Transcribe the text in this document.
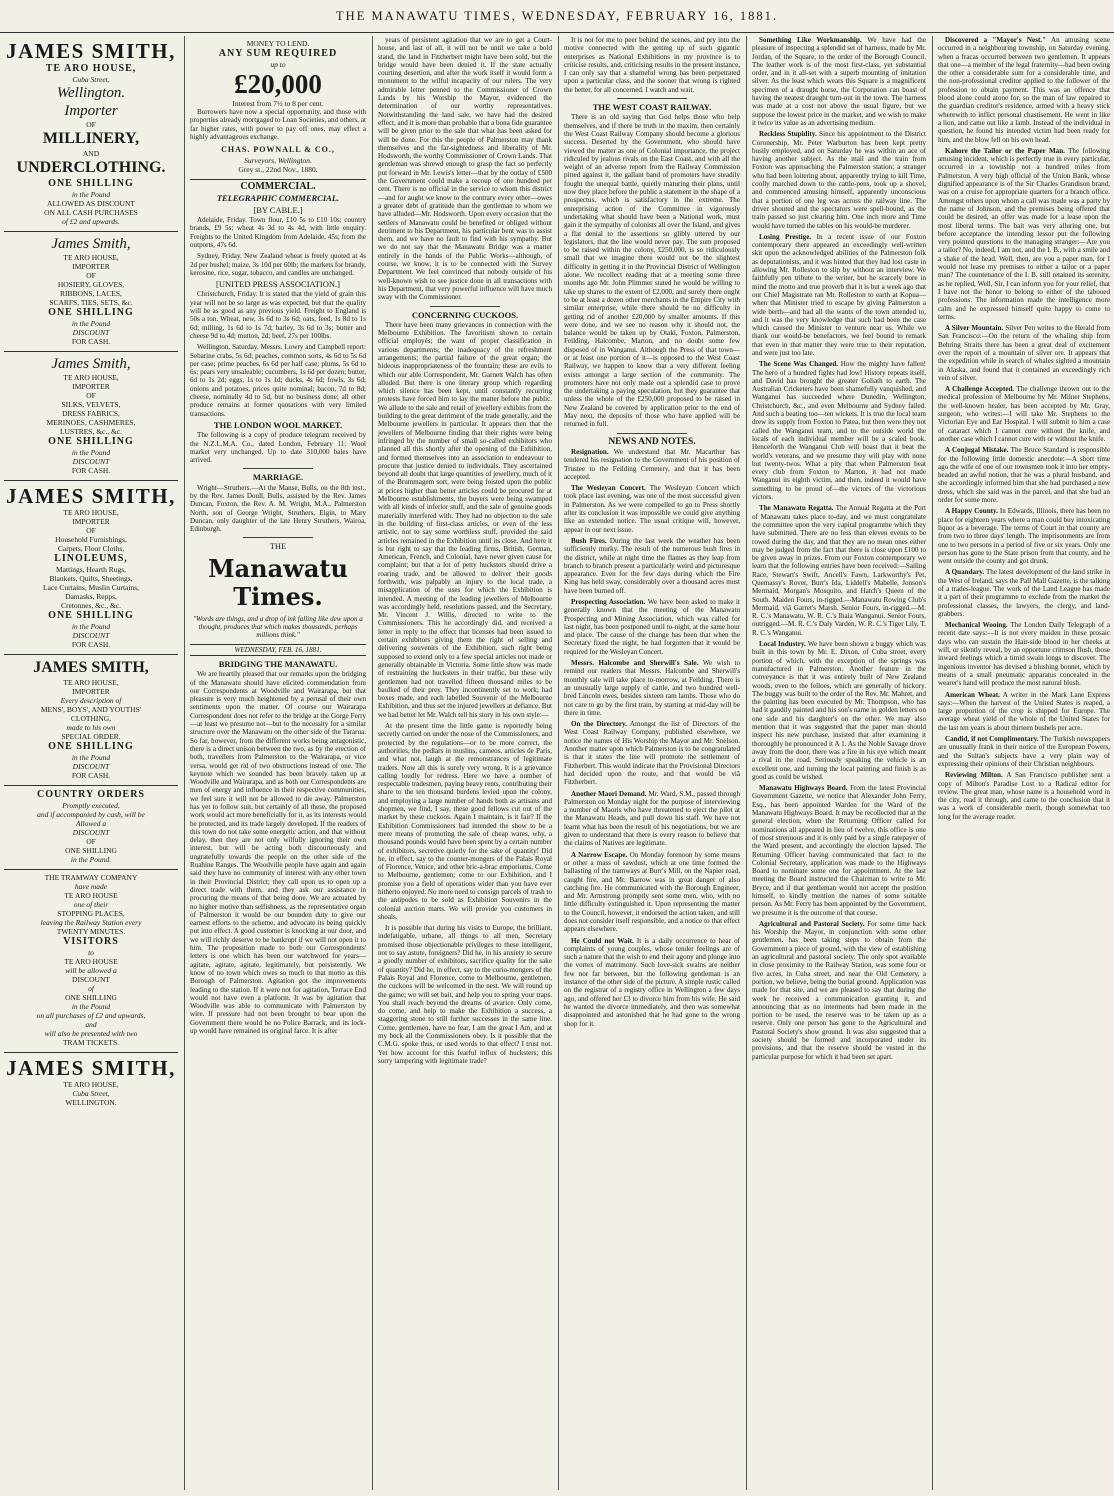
THE MANAWATU TIMES, WEDNESDAY, FEBRUARY 16, 1881.
JAMES SMITH,
TE ARO HOUSE,
Cuba Street,
Wellington.
Importer
OF
MILLINERY,
AND
UNDERCLOTHING.
ONE SHILLING
in the Pound
ALLOWED AS DISCOUNT
ON ALL CASH PURCHASES
of £2 and upwards.
James Smith,
TE ARO HOUSE,
IMPORTER
OF
HOSIERY, GLOVES,
RIBBONS, LACES,
SCARFS, TIES, SETS, &c.
ONE SHILLING
in the Pound
DISCOUNT
FOR CASH.
James Smith,
TE ARO HOUSE,
IMPORTER
OF
SILKS, VELVETS,
DRESS FABRICS,
MERINOES, CASHMERES,
LUSTRES, &c., &c.
ONE SHILLING
in the Pound
DISCOUNT
FOR CASH.
JAMES SMITH,
TE ARO HOUSE,
IMPORTER
OF
Household Furnishings,
Carpets, Floor Cloths,
LINOLEUMS,
Mattings, Hearth Rugs,
Blankets, Quilts, Sheetings,
Lace Curtains, Muslin Curtains,
Damasks, Repps,
Cretonnes, &c., &c.
ONE SHILLING
in the Pound
DISCOUNT
FOR CASH.
JAMES SMITH,
TE ARO HOUSE,
IMPORTER
Every description of
MENS', BOYS', AND YOUTHS'
CLOTHING,
made to his own
SPECIAL ORDER.
ONE SHILLING
in the Pound
DISCOUNT
FOR CASH.
COUNTRY ORDERS
Promptly executed,
and if accompanied by cash, will be
Allowed a
DISCOUNT
OF
ONE SHILLING
in the Pound.
THE TRAMWAY COMPANY
have made
TE ARO HOUSE
one of their
STOPPING PLACES,
leaving the Railway Station every
TWENTY MINUTES.
VISITORS
to
TE ARO HOUSE
will be allowed a
DISCOUNT
of
ONE SHILLING
in the Pound
on all purchases of £2 and upwards,
and
will also be presented with two
TRAM TICKETS.
JAMES SMITH,
TE ARO HOUSE,
Cuba Street,
WELLINGTON.
MONEY TO LEND.
ANY SUM REQUIRED
up to
£20,000
Interest from 7½ to 8 per cent.

Borrowers have now a special opportunity, and those with properties already mortgaged to Loan Societies, and others, at far higher rates, with power to pay off ones, may effect a highly advantageous exchange.

CHAS. POWNALL & CO.,
Surveyors, Wellington.
Grey st., 22nd Nov., 1880.
COMMERCIAL.
TELEGRAPHIC COMMERCIAL.
[BY CABLE.]

Adelaide, Friday. Town flour, £10 5s to £10 10s; country brands, £9 5s; wheat 4s 3d to 4s 4d, with little enquiry. Freights to the United Kingdom from Adelaide, 45s; from the outports, 47s 6d.

Sydney, Friday. New Zealand wheat is freely quoted at 4s 2d per bushel; maize, 3s 10d per 60lb; the markets for brandy, kerosine, rice, sugar, tobacco, and candles are unchanged.

[UNITED PRESS ASSOCIATION.]

Christchurch, Friday. It is stated that the yield of grain this year will not be so large as was expected, but that the quality will be as good as any previous yield. Freight to England is 50s a ton. Wheat, new, 3s 6d to 3s 6d; oats, feed, 1s 8d to 1s 6d; milling, 1s 6d to 1s 7d; barley, 3s 6d to 3s; butter and cheese 9d to 4d; mutton, 2d; beef, 27s per 100lbs.

Wellington, Saturday. Messrs. Lowry and Campbell report: Sebarine crabs, 5s 6d; peaches, common sorts, 4s 6d to 5s 6d per case; prime peaches, 6s 6d per half case; plums, 5s 6d to 6s; pears very unsaleable; cucumbers, 1s 6d per dozen; butter, 6d to 1s 2d; eggs, 1s to 1s 1d; ducks, 4s 6d; fowls, 3s 6d; onions and potatoes, prices quite nominal; bacon, 7d to 8d; cheese, nominally 4d to 5d, but no business done; all other produce remains at former quotations with very limited transactions.

THE LONDON WOOL MARKET.

The following is a copy of produce telegram received by the N.Z.L.M.A. Co., dated London, February 11: Wool market very unchanged. Up to date 310,000 bales have arrived.

MARRIAGE.

Wright—Struthers.—At the Manse, Bulls, on the 8th inst., by the Rev. James Doull, Bulls, assisted by the Rev. James Duncan, Foxton, the Rev. A. M. Wright, M.A., Palmerston North, son of George Wright, Struthers, Elgin, to Mary Duncan, only daughter of the late Henry Struthers, Wairoa, Edinburgh.

THE
Manawatu Times.

"Words are things, and a drop of ink falling like dew upon a thought, produces that which makes thousands, perhaps millions think."

WEDNESDAY, FEB. 16, 1881.
BRIDGING THE MANAWATU.

We are heartily pleased that our remarks upon the bridging of the Manawatu should have elicited commendation from our Correspondents at Woodville and Wairarapa, but that pleasure is very much heightened by a perusal of their own sentiments upon the matter. Of course our Wairarapa Correspondent does not refer to the bridge at the Gorge Ferry—at least we presume not—but to the necessity for a similar structure over the Manawatu on the other side of the Tararua. So far, however, from the different works being antagonistic, there is a direct unison between the two, as by the erection of both, travellers from Palmerston to the Wairarapa, or vice versa, would get rid of two obstructions instead of one. The keynote which we sounded has been bravely taken up at Woodville and Wairarapa, and as both our Correspondents are men of energy and influence in their respective communities, we feel sure it will not be allowed to die away. Palmerston has yet to follow suit, but certainly of all these, the proposed work would act more beneficially for it, as its interests would be protected, and its trade largely developed. If the readers of this town do not take some energetic action, and that without delay, then they are not only wilfully ignoring their own interest, but will be acting both discourteously and ungratefully towards the people on the other side of the Ruahine Ranges. The Woodville people have again and again said they have no community of interest with any other town in their Provincial District; they call upon us to open up a direct trade with them, and they ask our assistance in procuring the means of that being done. We are actuated by no higher motive than selfishness, as the representative organ of Palmerston it would be our bounden duty to give our earnest efforts to the scheme, and advocate its being quickly put into effect. A good customer is knocking at our door, and we will richly deserve to be bankrupt if we will not open it to him. The proposition made to both our Correspondents' letters is one which has been our watchword for years—agitate, agitate, agitate, legitimately, but persistently. We know of no town which owes so much to that motto as this Borough of Palmerston. Agitation got the improvements leading to the station. If it were not for agitation, Terrace End would not have even a platform. It was by agitation that Woodville was able to communicate with Palmerston by wire. If pressure had not been brought to bear upon the Government there would be no Police Barrack, and its lock-up would have remained its original farce. It is after

years of persistent agitation that we are to get a Court-house, and last of all, it will not be until we take a bold stand, the land in Fitzherbert might have been sold, but the bridge would have been denied it. If the state actually courting desertion, and after the work itself it would form a monument to the wilful incapacity of our rulers. The very admirable letter penned to the Commissioner of Crown Lands by his Worship the Mayor, evidenced the determination of our worthy representatives. Notwithstanding the land sale, we have had the desired effect, and it is more than probable that a bona fide guarantee will be given prior to the sale that what has been asked for will be done. For this the people of Palmerston may thank themselves and the far-sightedness and liberality of Mr. Hodsworth, the worthy Commissioner of Crown Lands. That gentleman was shrewd enough to grasp the fact so perfectly put forward in Mr. Lewis's letter—that by the outlay of £500 the Government could make a recoup of one hundred per cent. There is no official in the service to whom this district—and for aught we know to the contrary every other—owes a greater debt of gratitude than the gentleman to whom we have alluded—Mr. Hodsworth. Upon every occasion that the settlers of Manawatu could be benefited or obliged without detriment to his Department, his particular bent was to assist them, and we have no fault to find with his sympathy. But we do not say that the Manawatu Bridge was a matter entirely in the hands of the Public Works—although, of course, we know, it is to be connected with the Survey Department. We feel convinced that nobody outside of his well-known wish to see justice done in all transactions with his Department, that very powerful influence will have much sway with the Commissioner.

CONCERNING CUCKOOS.

There have been many grievances in connection with the Melbourne Exhibition. The favoritism shown to certain official employés; the want of proper classification in various departments; the inadequacy of the refreshment arrangements; the partial failure of the great organ; the hideous inappropriateness of the fountain; these are evils to which our able Correspondent, Mr. Garnett Walch has often alluded. But there is one literary group which regarding which silence has been kept, until constantly recurring protests have forced him to lay the matter before the public. We allude to the sale and retail of jewellery exhibits from the building to the great detriment of the trade generally, and the Melbourne jewellers in particular. It appears then that the jewellers of Melbourne finding that their rights were being infringed by the number of small so-called exhibitors who planned all this shortly after the opening of the Exhibition, and formed themselves into an association to endeavour to procure that justice denied to individuals. They ascertained beyond all doubt that large quantities of jewellery, much of it of the Brummagem sort, were being foisted upon the public at prices higher than better articles could be procured for at Melbourne establishments, the buyers were being swamped with all kinds of inferior stuff, and the sale of genuine goods materially interfered with. They had no objection to the sale in the building of first-class articles, or even of the less artistic, not to say some worthless stuff, provided the said articles remained in the Exhibition until its close. And here it is but right to say that the leading firms, British, German, American, French, and Colonial, have never given cause for complaint; but that a lot of petty hucksters should drive a roaring trade, and be allowed to deliver their goods forthwith, was palpably an injury to the local trade, a misapplication of the uses for which the Exhibition is intended. A meeting of the leading jewellers of Melbourne was accordingly held, resolutions passed, and the Secretary, Mr. Vincent J. Willis, directed to write to the Commissioners. This he accordingly did, and received a letter in reply to the effect that licenses had been issued to certain exhibitors giving them the right of selling and delivering souvenirs of the Exhibition, such right being supposed to extend only to a few special articles not made or generally obtainable in Victoria. Some little show was made of restraining the hucksters in their traffic, but these wily gentlemen had not travelled fifteen thousand miles to be baulked of their prey. They incontinently set to work; had boxes made, and each labelled Souvenir of the Melbourne Exhibition, and thus set the injured jewellers at defiance. But we had better let Mr. Walch tell his story in his own style:—

At the present time the little game is reportedly being secretly carried on under the nose of the Commissioners, and protected by the regulations—or to be more correct, the authorities, the pedlars in muslins, cameos, articles de Paris, and what not, laugh at the remonstrances of legitimate traders. Now all this is surely very wrong. It is a grievance calling loudly for redress. Here we have a number of respectable tradesmen, paying heavy rents, contributing their share to the ten thousand burdens levied upon the colony, and employing a large number of hands both as artisans and shopmen, we find, I say, these good fellows cut out of the market by these cuckoos. Again I maintain, is it fair? If the Exhibition Commissioners had intended the show to be a mere means of promoting the sale of cheap wares, why, a thousand pounds would have been spent by a certain number of exhibitors, secretive quietly for the sake of quantity! Did he, in effect, say to the counter-mongers of the Palais Royal of Florence, Venice, and other bric-a-brac emporiums, Come to Melbourne, gentlemen; come to our Exhibition, and I promise you a field of operations wider than you have ever hitherto enjoyed. No more need to consign parcels of trash to the antipodes to be sold as Exhibition Souvenirs in the colonial auction marts. We will provide you customers in shoals.

It is possible that during his visits to Europe, the brilliant, indefatigable, urbane, all things to all men, Secretary promised those objectionable privileges to these intelligent, not to say astute, foreigners? Did he, in his anxiety to secure a goodly number of exhibitors, sacrifice quality for the sake of quantity? Did he, in effect, say to the curio-mongers of the Palais Royal and Florence, come to Melbourne, gentlemen, the cuckoos will be welcomed in the nest. We will round up the game; we will set bait, and help you to spring your traps. You shall reach beyond the dreams of avarice. Only come, do come, and help to make the Exhibition a success, a staggering stone to still further successes in the same line. Come, gentlemen, have no fear, I am the great I Am, and at my beck all the Commissioners obey. Is it possible that the C.M.G. spoke thus, or used words to that effect? I trust not. Yet how account for this fearful influx of hucksters; this sorry tampering with legitimate trade?

It is not for me to peer behind the scenes, and pry into the motive connected with the getting up of such gigantic enterprises as National Exhibitions in my province is to criticise results, and, criticising results in the present instance, I can only say that a shameful wrong has been perpetrated upon a particular class, and the sooner that wrong is righted the better, for all concerned. I watch and wait.

THE WEST COAST RAILWAY.

There is an old saying that God helps those who help themselves, and if there be truth in the maxim, then certainly the West Coast Railway Company should become a glorious success. Deserted by the Government, who should have viewed the matter as one of Colonial importance, the project ridiculed by jealous rivals on the East Coast, and with all the weight of an adverse report from the Railway Commission pitted against it, the gallant band of promoters have steadily fought the unequal battle, quietly maturing their plans, until now they place before the public a statement in the shape of a prospectus, which is satisfactory in the extreme. The enterprising action of the Committee in vigorously undertaking what should have been a National work, must gain it the sympathy of colonists all over the Island, and gives a flat denial to the assertions so glibly uttered by our legislators, that the line would never pay. The sum proposed to be raised within the colony, £250,000, is so ridiculously small that we imagine there would not be the slightest difficulty in getting it in the Provincial District of Wellington alone. We recollect reading that at a meeting some three months ago Mr. John Plimmer stated he would be willing to take up shares to the extent of £2,000, and surely there ought to be at least a dozen other merchants in the Empire City with similar enterprise, while there should be no difficulty in getting rid of another £20,000 by smaller amounts. If this were done, and we see no reason why it should not, the balance would be taken up by Otaki, Foxton, Palmerston, Feilding, Halcombe, Marton, and no doubt some few disposed of in Wanganui. Although the Press of that town—or at least one portion of it—is opposed to the West Coast Railway, we happen to know that a very different feeling exists amongst a large section of the community. The promoters have not only made out a splendid case to prove the undertaking a paying speculation, but they guarantee that unless the whole of the £250,000 proposed to be raised in New Zealand be covered by application prior to the end of May next, the deposits of those who have applied will be returned in full.

NEWS AND NOTES.

Resignation. We understand that Mr. Macarthur has tendered his resignation to the Government of his position of Trustee to the Feilding Cemetery, and that it has been accepted.

The Wesleyan Concert. The Wesleyan Concert which took place last evening, was one of the most successful given in Palmerston. As we were compelled to go to Press shortly after its conclusion it was impossible we could give anything like an extended notice. The usual critique will, however, appear in our next issue.

Bush Fires. During the last week the weather has been sufficiently murky. The result of the numerous bush fires in the district, while at night time the flames as they leap from branch to branch present a particularly weird and picturesque appearance. Even for the few days during which the Fire King has held sway, considerably over a thousand acres must have been burned off.

Prospecting Association. We have been asked to make it generally known that the meeting of the Manawatu Prospecting and Mining Association, which was called for last night, has been postponed until to-night, at the same hour and place. The cause of the change has been that when the Secretary fixed the night, he had forgotten that it would be required for the Wesleyan Concert.

Messrs. Halcombe and Sherwill's Sale. We wish to remind our readers that Messrs. Halcombe and Sherwill's monthly sale will take place to-morrow, at Feilding. There is an unusually large supply of cattle, and two hundred well-bred Lincoln ewes, besides sixteen ram lambs. Those who do not care to go by the first train, by starting at mid-day will be there in time.

On the Directory. Amongst the list of Directors of the West Coast Railway Company, published elsewhere, we notice the names of His Worship the Mayor and Mr. Snelson. Another matter upon which Palmerston is to be congratulated is that it states the line will promote the settlement of Fitzherbert. This would indicate that the Provisional Directors had decided upon the route, and that would be viâ Fitzherbert.

Another Maori Demand. Mr. Ward, S.M., passed through Palmerston on Monday night for the purpose of interviewing a number of Maoris who have threatened to eject the pilot at the Manawatu Heads, and pull down his staff. We have not learnt what has been the result of his negotiations, but we are given to understand that there is every reason to believe that the claims of Natives are legitimate.

A Narrow Escape. On Monday forenoon by some means or other a mass of sawdust, which at one time formed the ballasting of the tramways at Burr's Mill, on the Napier road, caught fire, and Mr. Barrow was in great danger of also catching fire. He communicated with the Borough Engineer, and Mr. Armstrong promptly sent some men, who, with no little difficulty extinguished it. Upon representing the matter to the Council, however, it endorsed the action taken, and still does not consider itself responsible, and a notice to that effect appears elsewhere.

He Could not Wait. It is a daily occurrence to hear of complaints of young couples, whose tender feelings are of such a nature that the wish to end their agony and plunge into the vortex of matrimony. Such love-sick swains are neither few nor far between, but the following gentleman is an instance of the other side of the picture. A simple rustic called on the registrar of a registry office in Wellington a few days ago, and offered her £3 to divorce him from his wife. He said he wanted the divorce immediately, and then was somewhat disappointed and astonished that he had gone to the wrong shop for it.

Something Like Workmanship. We have had the pleasure of inspecting a splendid set of harness, made by Mr. Jordan, of the Square, to the order of the Borough Council. The leather work is of the most first-class, yet substantial order, and in it all-set with a superb mounting of imitation silver. As the least which wears this Square is a magnificent specimen of a draught horse, the Corporation can boast of having the neatest draught turn-out in the town. The harness was made at a cost not above the usual figure, but we suppose the lowest price in the market, and we wish to make it twice its value as an advertising medium.

Reckless Stupidity. Since his appointment to the District Coronership, Mr. Peter Warburton has been kept pretty busily employed, and on Saturday he was within an ace of having another subject. As the mail and the train from Foxton was approaching the Palmerston station; a stranger who had been loitering about, apparently trying to kill Time, coolly marched down to the cattle-pens, took up a shovel, and commenced amusing himself, apparently unconscious that a portion of one leg was across the railway line. The driver shouted and the spectators were spell-bound, as the train passed so just clearing him. One inch more and Time would have turned the tables on his would-be murderer.

Losing Prestige. In a recent issue of our Foxton contemporary there appeared an exceedingly well-written skit upon the acknowledged abilities of the Palmerston folk as deputationists, and it was hinted that they had lost caste in allowing Mr. Rolleston to slip by without an interview. We faithfully pen tribute to the writer, but he scarcely bore in mind the motto and true proverb that it is but a week ago that our Chief Magistrate ran Mr. Rolleston to earth at Kopua—when that Minister tried to escape by giving Palmerston a wide berth—and had all the wants of the town attended to, and it was the very knowledge that such had been the case which caused the Minister to venture near us. While we thank our would-be benefactors, we feel bound to remark that even in that matter they were true to their reputation, and were just too late.

The Scene Was Changed. How the mighty have fallen! The hero of a hundred fights had low! History repeats itself, and David has brought the greater Goliath to earth. The Australian Cricketers have been shamefully vanquished, and Wanganui has succeeded where Dunedin, Wellington, Christchurch, &c., and even Melbourne and Sydney failed. And such a beating too—ten wickets. It is true the local team drew its supply from Foxton to Patea, but then were they not called the Wanganui team, and to the outside world the locals of each individual member will be a scaled book. Henceforth the Wanganui Club will boast that it beat the world's veterans, and we presume they will play with none but twenty-twos. What a pity that when Palmerston beat every club from Foxton to Marton, it had not made Wanganui its eighth victim, and then, indeed it would have something to be proud of—the victors of the victorious victors.

The Manawatu Regatta. The Annual Regatta at the Port of Manawatu takes place to-day, and we must congratulate the committee upon the very capital programme which they have submitted. There are no less than eleven events to be rowed during the day, and that they are no mean ones either may be judged from the fact that there is close upon £100 to be given away in prizes. From our Foxton contemporary we learn that the following entries have been received:—Sailing Race, Stewart's Swift, Ancell's Fawn, Larkworthy's Pet, Quemassy's Rover, Burr's Ida, Liddell's Mabelle, Jonson's Mermaid, Morgan's Mosquito, and Hatch's Queen of the South. Maiden Fours, in-rigged.—Manawatu Rowing Club's Mermaid, viâ Garret's Marsh. Senior Fours, in-rigged.—M. R. C.'s Manawatu, W. R. C.'s Ihaia Wanganui. Senior Fours, outrigged.—M. R. C.'s Daly Varden, W. R. C.'s Tiger Lily, T. R. C.'s Wanganui.

Local Industry. We have been shown a buggy which was built in this town by Mr. E. Dixon, of Cuba street, every portion of which, with the exception of the springs was manufactured in Palmerston. Another feature in the conveyance is that it was entirely built of New Zealand woods, even to the felloes, which are generally of hickory. The buggy was built to the order of the Rev. Mr. Mahret, and the painting has been executed by Mr. Thompson, who has had it gaudily painted and his son's name in golden letters on one side and his daughter's on the other. We may also mention that it was suggested that the paper man should inspect his new purchase, insisted that after examining it thoroughly he pronounced it A 1. As the Noble Savage drove away from the door, there was a fire in his eye which meant a rival in the road. Seriously speaking the vehicle is an excellent one, and turning the local painting and finish is as good as could be wished.

Manawatu Highways Board. From the latest Provincial Government Gazette, we notice that Alexander John Ferry, Esq., has been appointed Warden for the Ward of the Manawatu Highways Board. It may be recollected that at the general election, when the Returning Officer called for nominations all appeared in lieu of twelve, this office is one of most strenuous and it is only paid by a single ratepayer of the Ward present, and accordingly the election lapsed. The Returning Officer having communicated that fact to the Colonial Secretary, application was made to the Highways Board to nominate some one for appointment. At the last meeting the Board instructed the Chairman to write to Mr. Bryce, and if that gentleman would not accept the position himself, to kindly mention the names of some suitable person. As Mr. Ferry has been appointed by the Government, we presume it is the outcome of that course.

Agricultural and Pastoral Society. For some time back his Worship the Mayor, in conjunction with some other gentlemen, has been taking steps to obtain from the Government a piece of ground, with the view of establishing an agricultural and pastoral society. The only spot available in close proximity to the Railway Station, was some four or five acres, in Cuba street, and near the Old Cemetery, a portion, we believe, being the burial ground. Application was made for that site, and we are pleased to say that during the week he received a communication granting it, and announcing that as no interments had been made in the portion to be used, the reserve was to be taken up as a reserve. Only one person has gone to the Agricultural and Pastoral Society's show ground. It was also suggested that a society should be formed and incorporated under its provisions, and that the reserve should be vested in the particular purpose for which it had been set apart.

Discovered a "Mayor's Nest." An amusing scene occurred in a neighbouring township, on Saturday evening, when a fracas occurred between two gentlemen. It appears that one—a member of the legal fraternity—had been owing the other a considerable sum for a considerable time, and the non-professional creditor applied to the follower of the profession to obtain payment. This was an offence that blood alone could atone for, so the man of law repaired to the guardian creditor's residence, armed with a heavy stick wherewith to inflict personal chastisement. He went in like a lion, and came out like a lamb. Instead of the individual in question, he found his intended victim had been ready for him, and the blow fell on his own head.

Kahore the Tailor or the Paper Man. The following amusing incident, which is perfectly true in every particular, occurred in a township not a hundred miles from Palmerston. A very high official of the Union Bank, whose dignified appearance is of the Sir Charles Grandison brand, was on a cruise for appropriate quarters for a branch office. Amongst others upon whom a call was made was a party by the name of Johnson, and the premises being offered that could be desired, an offer was made for a lease upon the most liberal terms. The bait was very alluring one, but before acceptance the intending lessor put the following very pointed questions to the managing stranger:—Are you a tailor? No, indeed, I am not, and the I. B., with a smile and a shake of the head. Well, then, are you a paper man, for I would not lease my premises to either a tailor or a paper man? The countenance of the I. B. still retained its serenity, as he replied, Well, Sir, I can inform you for your relief, that I have not the honor to belong to either of the tabooed professions. The information made the intelligence more calm and he expressed himself quite happy to come to terms.

A Silver Mountain. Silver Pen writes to the Herald from San Francisco:—On the return of the whaling ship from Behring Straits there has been a great deal of excitement over the report of a mountain of silver ore. It appears that the expedition while in search of whales sighted a mountain in Alaska, and found that it contained an exceedingly rich vein of silver.

A Challenge Accepted. The challenge thrown out to the medical profession of Melbourne by Mr. Milner Stephens, the well-known healer, has been accepted by Mr. Gray, surgeon, who writes:—I will take Mr. Stephens to the Victorian Eye and Ear Hospital. I will submit to him a case of cataract which I cannot cure without the knife, and another case which I cannot cure with or without the knife.

A Conjugal Mistake. The Bruce Standard is responsible for the following little domestic anecdote:—A short time ago the wife of one of our townsmen took it into her empty-headed an awful notion, that he was a plural husband, and she accordingly informed him that she had purchased a new dress, which she said was in the parcel, and that she had an order for some more.

A Happy County. In Edwards, Illinois, there has been no place for eighteen years where a man could buy intoxicating liquor as a beverage. The terms of Court in that county are from two to three days' length. The imprisonments are from one to two persons in a period of five or six years. Only one person has gone to the State prison from that county, and he went outside the county and got drunk.

A Quandary. The latest development of the land strike in the West of Ireland, says the Pall Mall Gazette, is the talking of a trades-league. The work of the Land League has made it a part of their programme to exclude from the market the professional classes, the lawyers, the clergy, and land-grabbers.

Mechanical Wooing. The London Daily Telegraph of a recent date says:—It is not every maiden in these prosaic days who can sustain the Hair-side blood in her cheeks at will, or silently reveal, by an opportune crimson flush, those inward feelings which a timid swain longs to discover. The ingenious inventor has devised a blushing bonnet, which by means of a small pneumatic apparatus concealed in the wearer's hand will produce the most natural blush.

American Wheat. A writer in the Mark Lane Express says:—When the harvest of the United States is reaped, a large proportion of the crop is shipped for Europe. The average wheat yield of the whole of the United States for the last ten years is about thirteen bushels per acre.

Candid, if not Complimentary. The Turkish newspapers are unusually frank in their notice of the European Powers, and the Sultan's subjects have a very plain way of expressing their opinions of their Christian neighbours.

Reviewing Milton. A San Francisco publisher sent a copy of Milton's Paradise Lost to a Radical editor for review. The great man, whose name is a household word in the city, read it through, and came to the conclusion that it was a work of considerable merit, though somewhat too long for the average reader.
